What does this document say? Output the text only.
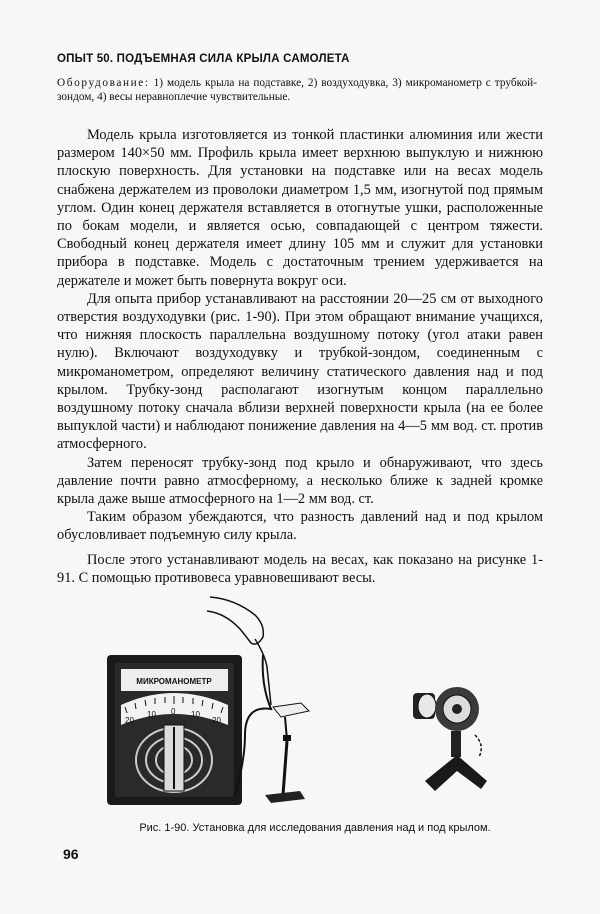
ОПЫТ 50. ПОДЪЕМНАЯ СИЛА КРЫЛА САМОЛЕТА
Оборудование: 1) модель крыла на подставке, 2) воздуходувка, 3) микроманометр с трубкой-зондом, 4) весы неравноплечие чувствительные.

Модель крыла изготовляется из тонкой пластинки алюминия или жести размером 140×50 мм. Профиль крыла имеет верхнюю выпуклую и нижнюю плоскую поверхность. Для установки на подставке или на весах модель снабжена держателем из проволоки диаметром 1,5 мм, изогнутой под прямым углом. Один конец держателя вставляется в отогнутые ушки, расположенные по бокам модели, и является осью, совпадающей с центром тяжести. Свободный конец держателя имеет длину 105 мм и служит для установки прибора в подставке. Модель с достаточным трением удерживается на держателе и может быть повернута вокруг оси.

Для опыта прибор устанавливают на расстоянии 20—25 см от выходного отверстия воздуходувки (рис. 1-90). При этом обращают внимание учащихся, что нижняя плоскость параллельна воздушному потоку (угол атаки равен нулю). Включают воздуходувку и трубкой-зондом, соединенным с микроманометром, определяют величину статического давления над и под крылом. Трубку-зонд располагают изогнутым концом параллельно воздушному потоку сначала вблизи верхней поверхности крыла (на ее более выпуклой части) и наблюдают понижение давления на 4—5 мм вод. ст. против атмосферного.

Затем переносят трубку-зонд под крыло и обнаруживают, что здесь давление почти равно атмосферному, а несколько ближе к задней кромке крыла даже выше атмосферного на 1—2 мм вод. ст.

Таким образом убеждаются, что разность давлений над и под крылом обусловливает подъемную силу крыла.

После этого устанавливают модель на весах, как показано на рисунке 1-91. С помощью противовеса уравновешивают весы.

МИКРОМАНОМЕТР
20
10 0 10
20
Рис. 1-90. Установка для исследования давления над и под крылом.
96
